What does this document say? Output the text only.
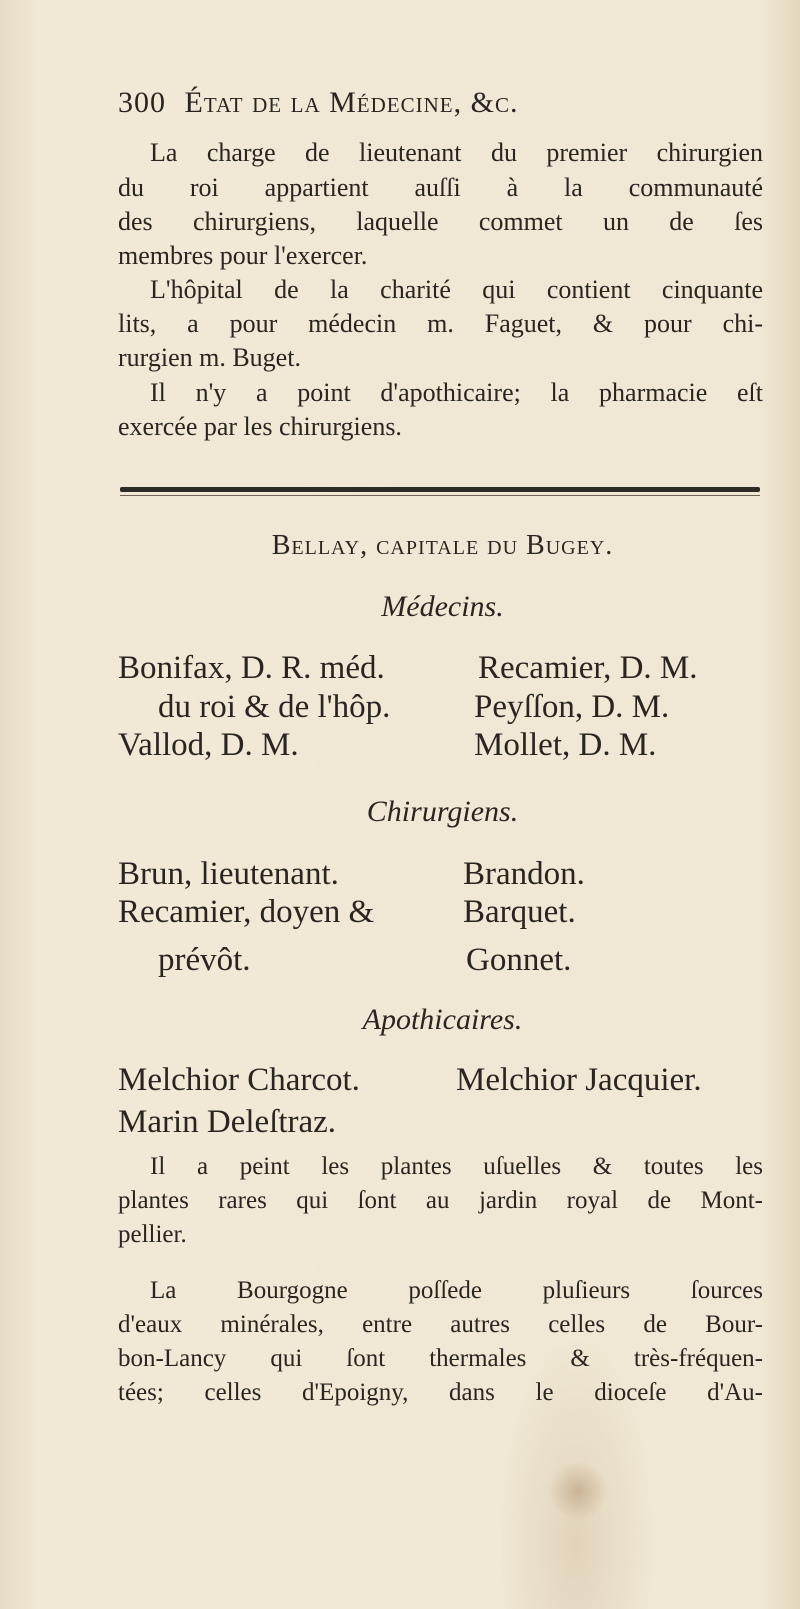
300 État de la Médecine, &c.
La charge de lieutenant du premier chirurgien
du roi appartient auſſi à la communauté
des chirurgiens, laquelle commet un de ſes
membres pour l'exercer.
L'hôpital de la charité qui contient cinquante
lits, a pour médecin m. Faguet, & pour chi-
rurgien m. Buget.
Il n'y a point d'apothicaire; la pharmacie eſt
exercée par les chirurgiens.
Bellay, capitale du Bugey.
Médecins.
Bonifax, D. R. méd.
du roi & de l'hôp.
Vallod, D. M.
Recamier, D. M.
Peyſſon, D. M.
Mollet, D. M.
Chirurgiens.
Brun, lieutenant.
Recamier, doyen &
prévôt.
Brandon.
Barquet.
Gonnet.
Apothicaires.
Melchior Charcot.	Melchior Jacquier.
Marin Deleſtraz.
Il a peint les plantes uſuelles & toutes les
plantes rares qui ſont au jardin royal de Mont-
pellier.
La Bourgogne poſſede pluſieurs ſources
d'eaux minérales, entre autres celles de Bour-
bon-Lancy qui ſont thermales & très-fréquen-
tées; celles d'Epoigny, dans le dioceſe d'Au-
